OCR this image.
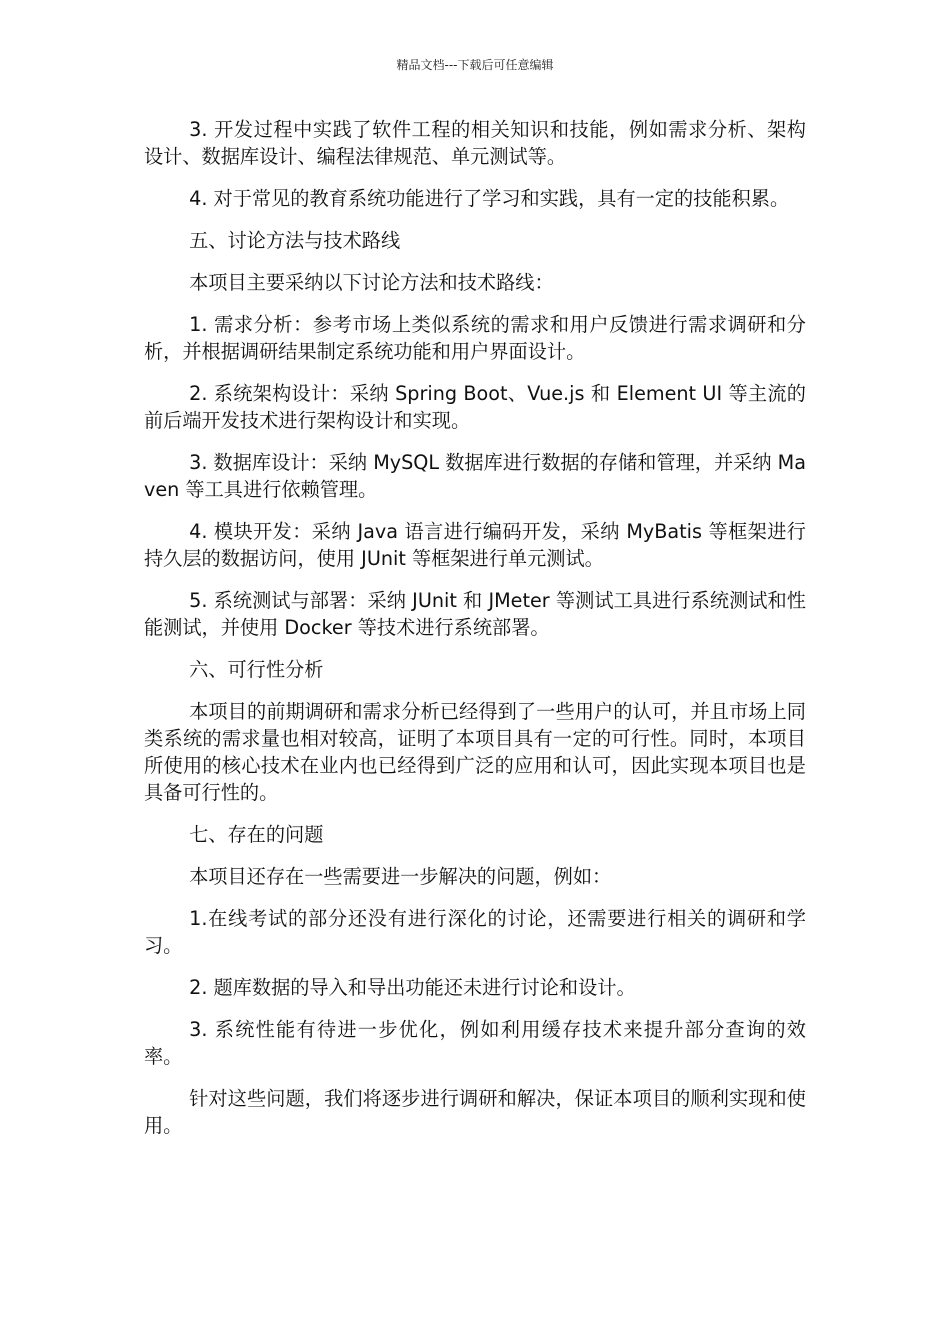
精品文档---下载后可任意编辑

3. 开发过程中实践了软件工程的相关知识和技能，例如需求分析、架构设计、数据库设计、编程法律规范、单元测试等。

4. 对于常见的教育系统功能进行了学习和实践，具有一定的技能积累。

五、讨论方法与技术路线

本项目主要采纳以下讨论方法和技术路线：

1. 需求分析：参考市场上类似系统的需求和用户反馈进行需求调研和分析，并根据调研结果制定系统功能和用户界面设计。

2. 系统架构设计：采纳 Spring Boot、Vue.js 和 Element UI 等主流的前后端开发技术进行架构设计和实现。

3. 数据库设计：采纳 MySQL 数据库进行数据的存储和管理，并采纳 Maven 等工具进行依赖管理。

4. 模块开发：采纳 Java 语言进行编码开发，采纳 MyBatis 等框架进行持久层的数据访问，使用 JUnit 等框架进行单元测试。

5. 系统测试与部署：采纳 JUnit 和 JMeter 等测试工具进行系统测试和性能测试，并使用 Docker 等技术进行系统部署。

六、可行性分析

本项目的前期调研和需求分析已经得到了一些用户的认可，并且市场上同类系统的需求量也相对较高，证明了本项目具有一定的可行性。同时，本项目所使用的核心技术在业内也已经得到广泛的应用和认可，因此实现本项目也是具备可行性的。

七、存在的问题

本项目还存在一些需要进一步解决的问题，例如：

1.在线考试的部分还没有进行深化的讨论，还需要进行相关的调研和学习。

2. 题库数据的导入和导出功能还未进行讨论和设计。

3. 系统性能有待进一步优化，例如利用缓存技术来提升部分查询的效率。

针对这些问题，我们将逐步进行调研和解决，保证本项目的顺利实现和使用。
